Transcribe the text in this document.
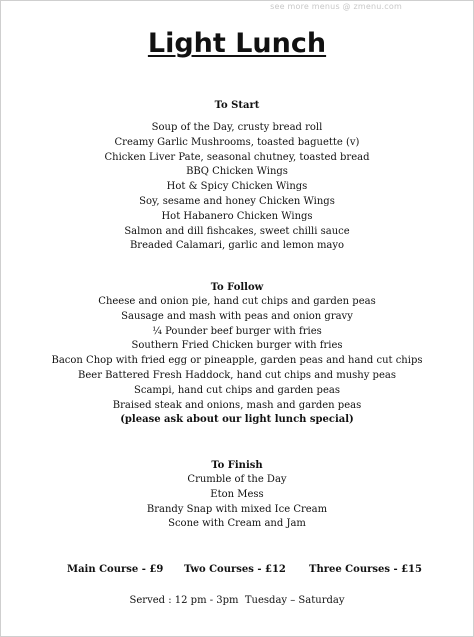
see more menus @ zmenu.com
Light Lunch
To Start
Soup of the Day, crusty bread roll
Creamy Garlic Mushrooms, toasted baguette (v)
Chicken Liver Pate, seasonal chutney, toasted bread
BBQ Chicken Wings
Hot & Spicy Chicken Wings
Soy, sesame and honey Chicken Wings
Hot Habanero Chicken Wings
Salmon and dill fishcakes, sweet chilli sauce
Breaded Calamari, garlic and lemon mayo
To Follow
Cheese and onion pie, hand cut chips and garden peas
Sausage and mash with peas and onion gravy
¼ Pounder beef burger with fries
Southern Fried Chicken burger with fries
Bacon Chop with fried egg or pineapple, garden peas and hand cut chips
Beer Battered Fresh Haddock, hand cut chips and mushy peas
Scampi, hand cut chips and garden peas
Braised steak and onions, mash and garden peas
(please ask about our light lunch special)
To Finish
Crumble of the Day
Eton Mess
Brandy Snap with mixed Ice Cream
Scone with Cream and Jam
Main Course - £9 Two Courses - £12 Three Courses - £15
Served : 12 pm - 3pm  Tuesday – Saturday
